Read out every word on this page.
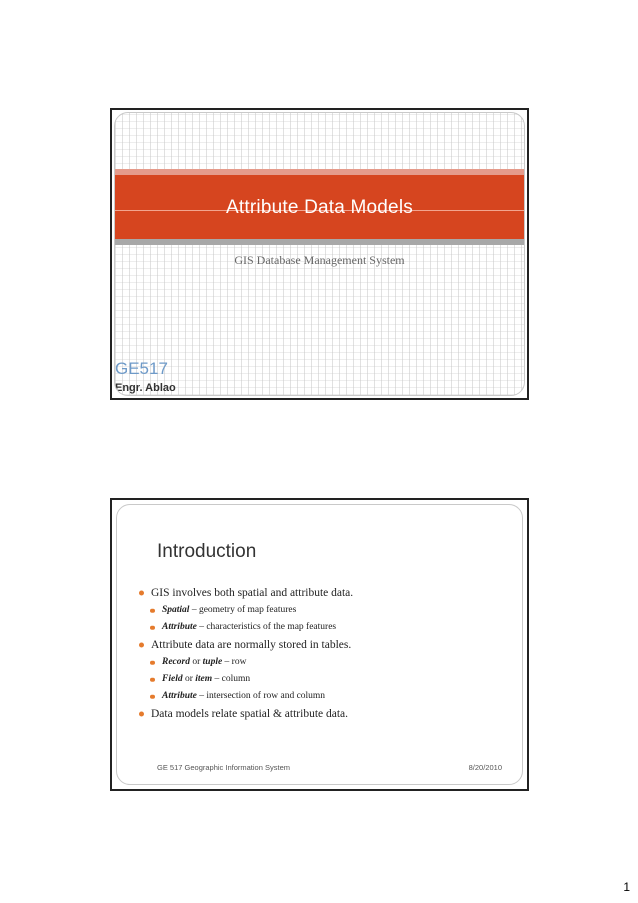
Attribute Data Models
GIS Database Management System
GE517
Engr. Ablao
Introduction
GIS involves both spatial and attribute data.
Spatial – geometry of map features
Attribute – characteristics of the map features
Attribute data are normally stored in tables.
Record or tuple – row
Field or item – column
Attribute – intersection of row and column
Data models relate spatial & attribute data.
GE 517 Geographic Information System	8/20/2010
1
